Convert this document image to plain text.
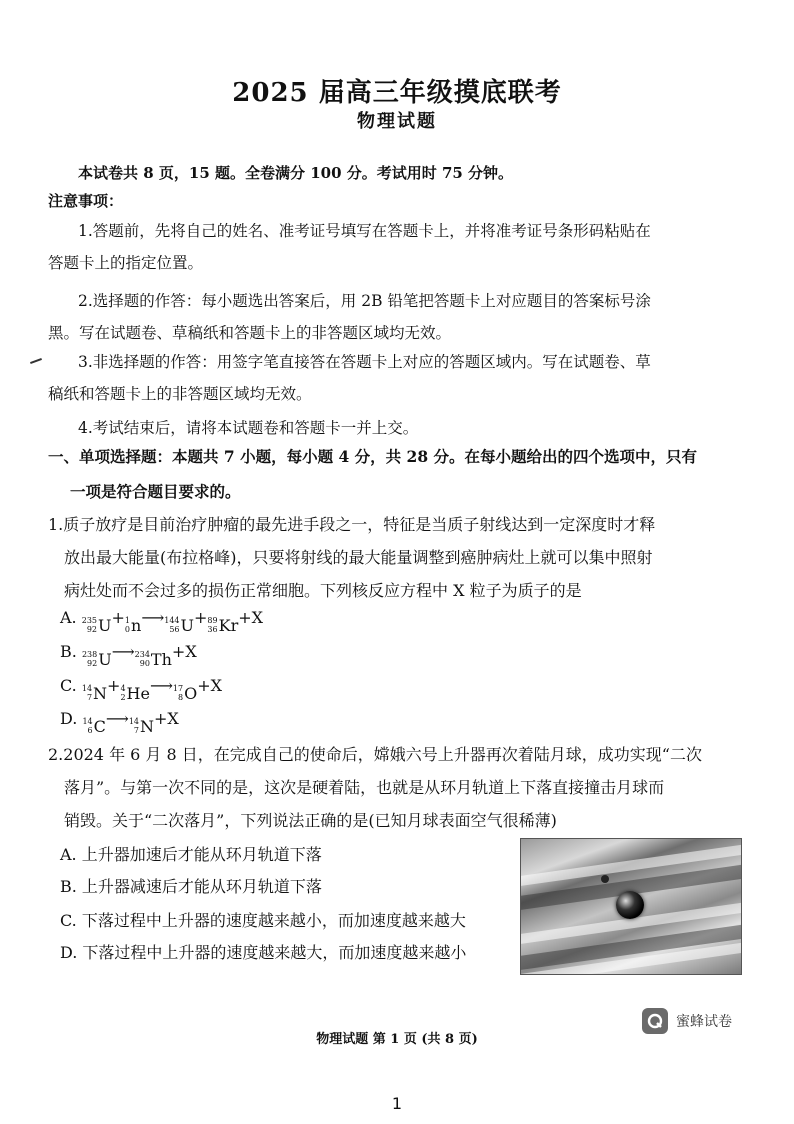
2025 届高三年级摸底联考
物理试题
本试卷共 8 页，15 题。全卷满分 100 分。考试用时 75 分钟。
注意事项：
1.答题前，先将自己的姓名、准考证号填写在答题卡上，并将准考证号条形码粘贴在
答题卡上的指定位置。
2.选择题的作答：每小题选出答案后，用 2B 铅笔把答题卡上对应题目的答案标号涂
黑。写在试题卷、草稿纸和答题卡上的非答题区域均无效。
3.非选择题的作答：用签字笔直接答在答题卡上对应的答题区域内。写在试题卷、草
稿纸和答题卡上的非答题区域均无效。
4.考试结束后，请将本试题卷和答题卡一并上交。
一、单项选择题：本题共 7 小题，每小题 4 分，共 28 分。在每小题给出的四个选项中，只有
一项是符合题目要求的。
1.质子放疗是目前治疗肿瘤的最先进手段之一，特征是当质子射线达到一定深度时才释
放出最大能量(布拉格峰)，只要将射线的最大能量调整到癌肿病灶上就可以集中照射
病灶处而不会过多的损伤正常细胞。下列核反应方程中 X 粒子为质子的是
A. 235
92 U+ 1
0 n⟶ 144
56 U+ 89
36 Kr+X
B. 238
92 U⟶ 234
90 Th+X
C. 14
7 N+ 4
2 He⟶ 17
8 O+X
D. 14
6 C⟶ 14
7 N+X
2.2024 年 6 月 8 日，在完成自己的使命后，嫦娥六号上升器再次着陆月球，成功实现“二次
落月”。与第一次不同的是，这次是硬着陆，也就是从环月轨道上下落直接撞击月球而
销毁。关于“二次落月”，下列说法正确的是(已知月球表面空气很稀薄)
A. 上升器加速后才能从环月轨道下落
B. 上升器减速后才能从环月轨道下落
C. 下落过程中上升器的速度越来越小，而加速度越来越大
D. 下落过程中上升器的速度越来越大，而加速度越来越小
蜜蜂试卷
物理试题 第 1 页 (共 8 页)
1
